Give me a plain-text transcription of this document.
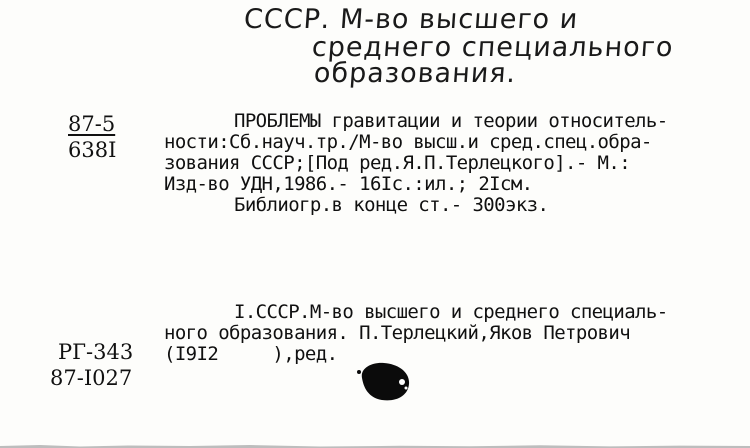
СССР. М-во высшего и
среднего специального
образования.
87-5
638I
ПРОБЛЕМЫ гравитации и теории относитель-
ности:Сб.науч.тр./М-во высш.и сред.спец.обра-
зования СССР;[Под ред.Я.П.Терлецкого].- М.:
Изд-во УДН,1986.- 16Iс.:ил.; 2Iсм.
Библиогр.в конце ст.- 300экз.
I.СССР.М-во высшего и среднего специаль-
ного образования. П.Терлецкий,Яков Петрович
(I9I2     ),ред.
РГ-343
87-I027
